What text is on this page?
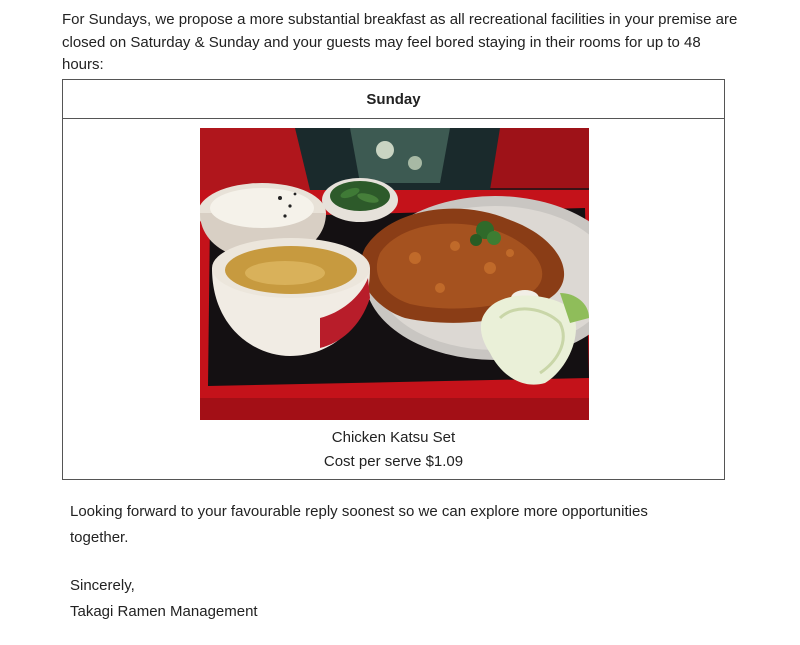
For Sundays, we propose a more substantial breakfast as all recreational facilities in your premise are closed on Saturday & Sunday and your guests may feel bored staying in their rooms for up to 48 hours:

Sunday
Chicken Katsu Set
Cost per serve $1.09

Looking forward to your favourable reply soonest so we can explore more opportunities together.

Sincerely,

Takagi Ramen Management
